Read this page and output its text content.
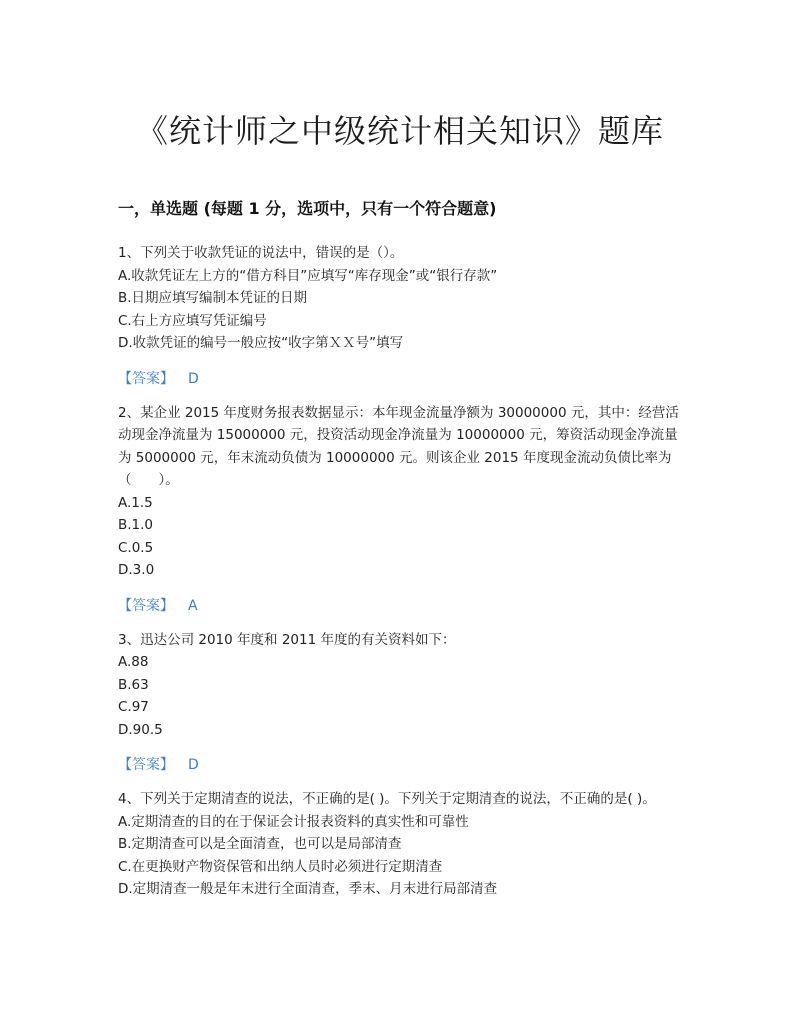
《统计师之中级统计相关知识》题库
一，单选题 (每题 1 分，选项中，只有一个符合题意)
1、下列关于收款凭证的说法中，错误的是（）。
A.收款凭证左上方的“借方科目”应填写“库存现金”或“银行存款”
B.日期应填写编制本凭证的日期
C.右上方应填写凭证编号
D.收款凭证的编号一般应按“收字第ＸＸ号”填写
【答案】 D
2、某企业 2015 年度财务报表数据显示：本年现金流量净额为 30000000 元，其中：经营活动现金净流量为 15000000 元，投资活动现金净流量为 10000000 元，筹资活动现金净流量为 5000000 元，年末流动负债为 10000000 元。则该企业 2015 年度现金流动负债比率为（　　）。
A.1.5
B.1.0
C.0.5
D.3.0
【答案】 A
3、迅达公司 2010 年度和 2011 年度的有关资料如下：
A.88
B.63
C.97
D.90.5
【答案】 D
4、下列关于定期清查的说法，不正确的是( )。下列关于定期清查的说法，不正确的是( )。
A.定期清查的目的在于保证会计报表资料的真实性和可靠性
B.定期清查可以是全面清查，也可以是局部清查
C.在更换财产物资保管和出纳人员时必须进行定期清查
D.定期清查一般是年末进行全面清查，季末、月末进行局部清查
